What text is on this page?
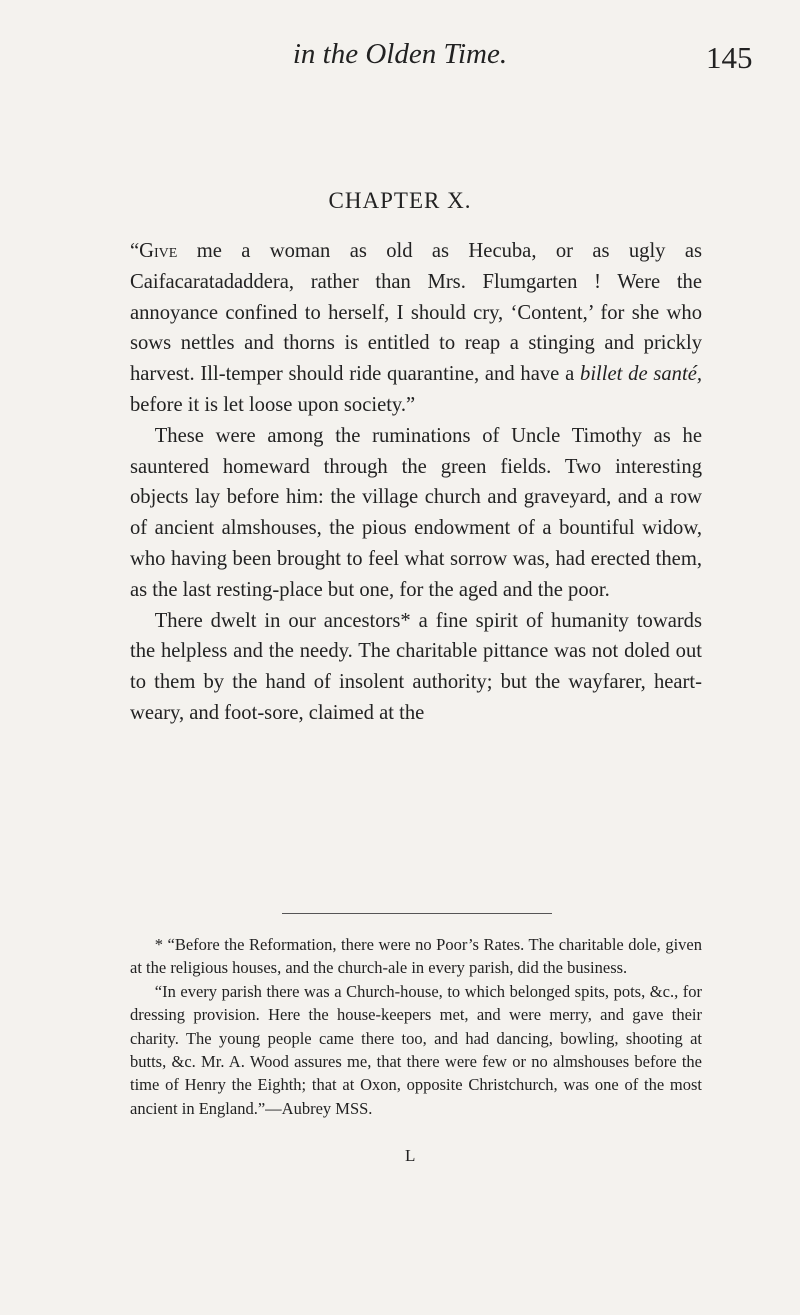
in the Olden Time.	145
CHAPTER X.

“Give me a woman as old as Hecuba, or as ugly as Caifacaratadaddera, rather than Mrs. Flumgarten ! Were the annoyance confined to herself, I should cry, ‘Content,’ for she who sows nettles and thorns is entitled to reap a stinging and prickly harvest. Ill-temper should ride quarantine, and have a billet de santé, before it is let loose upon society.”

These were among the ruminations of Uncle Timothy as he sauntered homeward through the green fields. Two interesting objects lay before him: the village church and graveyard, and a row of ancient almshouses, the pious endowment of a bountiful widow, who having been brought to feel what sorrow was, had erected them, as the last resting-place but one, for the aged and the poor.

There dwelt in our ancestors* a fine spirit of humanity towards the helpless and the needy. The charitable pittance was not doled out to them by the hand of insolent authority; but the wayfarer, heart-weary, and foot-sore, claimed at the

* “Before the Reformation, there were no Poor’s Rates. The charitable dole, given at the religious houses, and the church-ale in every parish, did the business.

“In every parish there was a Church-house, to which belonged spits, pots, &c., for dressing provision. Here the house-keepers met, and were merry, and gave their charity. The young people came there too, and had dancing, bowling, shooting at butts, &c. Mr. A. Wood assures me, that there were few or no almshouses before the time of Henry the Eighth; that at Oxon, opposite Christchurch, was one of the most ancient in England.”—Aubrey MSS.

L
